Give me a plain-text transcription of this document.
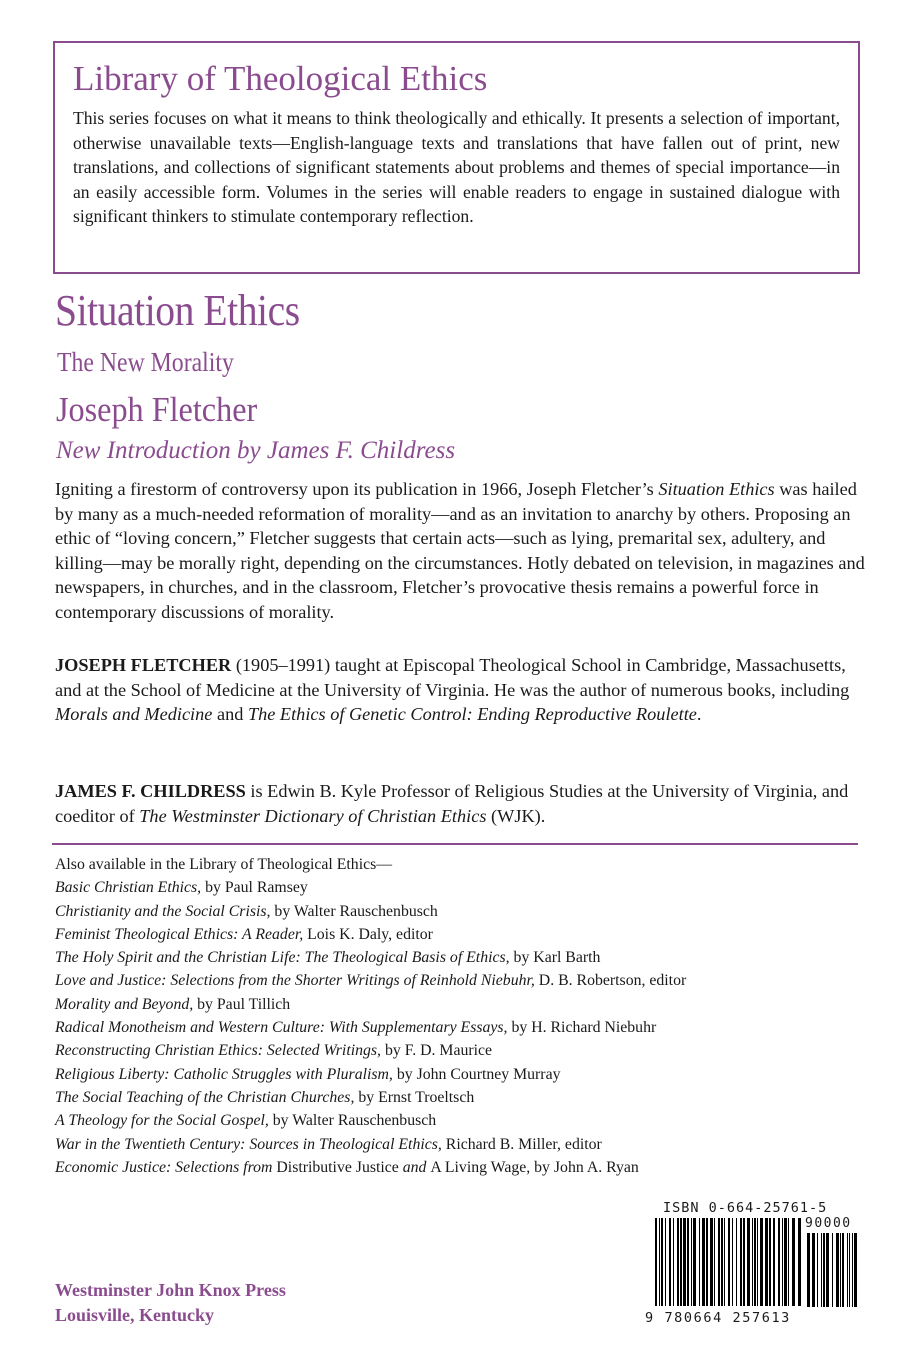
Library of Theological Ethics

This series focuses on what it means to think theologically and ethically. It presents a selection of important, otherwise unavailable texts—English-language texts and translations that have fallen out of print, new translations, and collections of significant statements about problems and themes of special importance—in an easily accessible form. Volumes in the series will enable readers to engage in sustained dialogue with significant thinkers to stimulate contemporary reflection.

Situation Ethics
The New Morality
Joseph Fletcher
New Introduction by James F. Childress

Igniting a firestorm of controversy upon its publication in 1966, Joseph Fletcher’s Situation Ethics was hailed by many as a much-needed reformation of morality—and as an invitation to anarchy by others. Proposing an ethic of “loving concern,” Fletcher suggests that certain acts—such as lying, premarital sex, adultery, and killing—may be morally right, depending on the circumstances. Hotly debated on television, in magazines and newspapers, in churches, and in the classroom, Fletcher’s provocative thesis remains a powerful force in contemporary discussions of morality.

JOSEPH FLETCHER (1905–1991) taught at Episcopal Theological School in Cambridge, Massachusetts, and at the School of Medicine at the University of Virginia. He was the author of numerous books, including Morals and Medicine and The Ethics of Genetic Control: Ending Reproductive Roulette.

JAMES F. CHILDRESS is Edwin B. Kyle Professor of Religious Studies at the University of Virginia, and coeditor of The Westminster Dictionary of Christian Ethics (WJK).

Also available in the Library of Theological Ethics—
Basic Christian Ethics, by Paul Ramsey
Christianity and the Social Crisis, by Walter Rauschenbusch
Feminist Theological Ethics: A Reader, Lois K. Daly, editor
The Holy Spirit and the Christian Life: The Theological Basis of Ethics, by Karl Barth
Love and Justice: Selections from the Shorter Writings of Reinhold Niebuhr, D. B. Robertson, editor
Morality and Beyond, by Paul Tillich
Radical Monotheism and Western Culture: With Supplementary Essays, by H. Richard Niebuhr
Reconstructing Christian Ethics: Selected Writings, by F. D. Maurice
Religious Liberty: Catholic Struggles with Pluralism, by John Courtney Murray
The Social Teaching of the Christian Churches, by Ernst Troeltsch
A Theology for the Social Gospel, by Walter Rauschenbusch
War in the Twentieth Century: Sources in Theological Ethics, Richard B. Miller, editor
Economic Justice: Selections from Distributive Justice and A Living Wage, by John A. Ryan
Westminster John Knox Press
Louisville, Kentucky
ISBN 0-664-25761-5
90000
9 780664 257613
